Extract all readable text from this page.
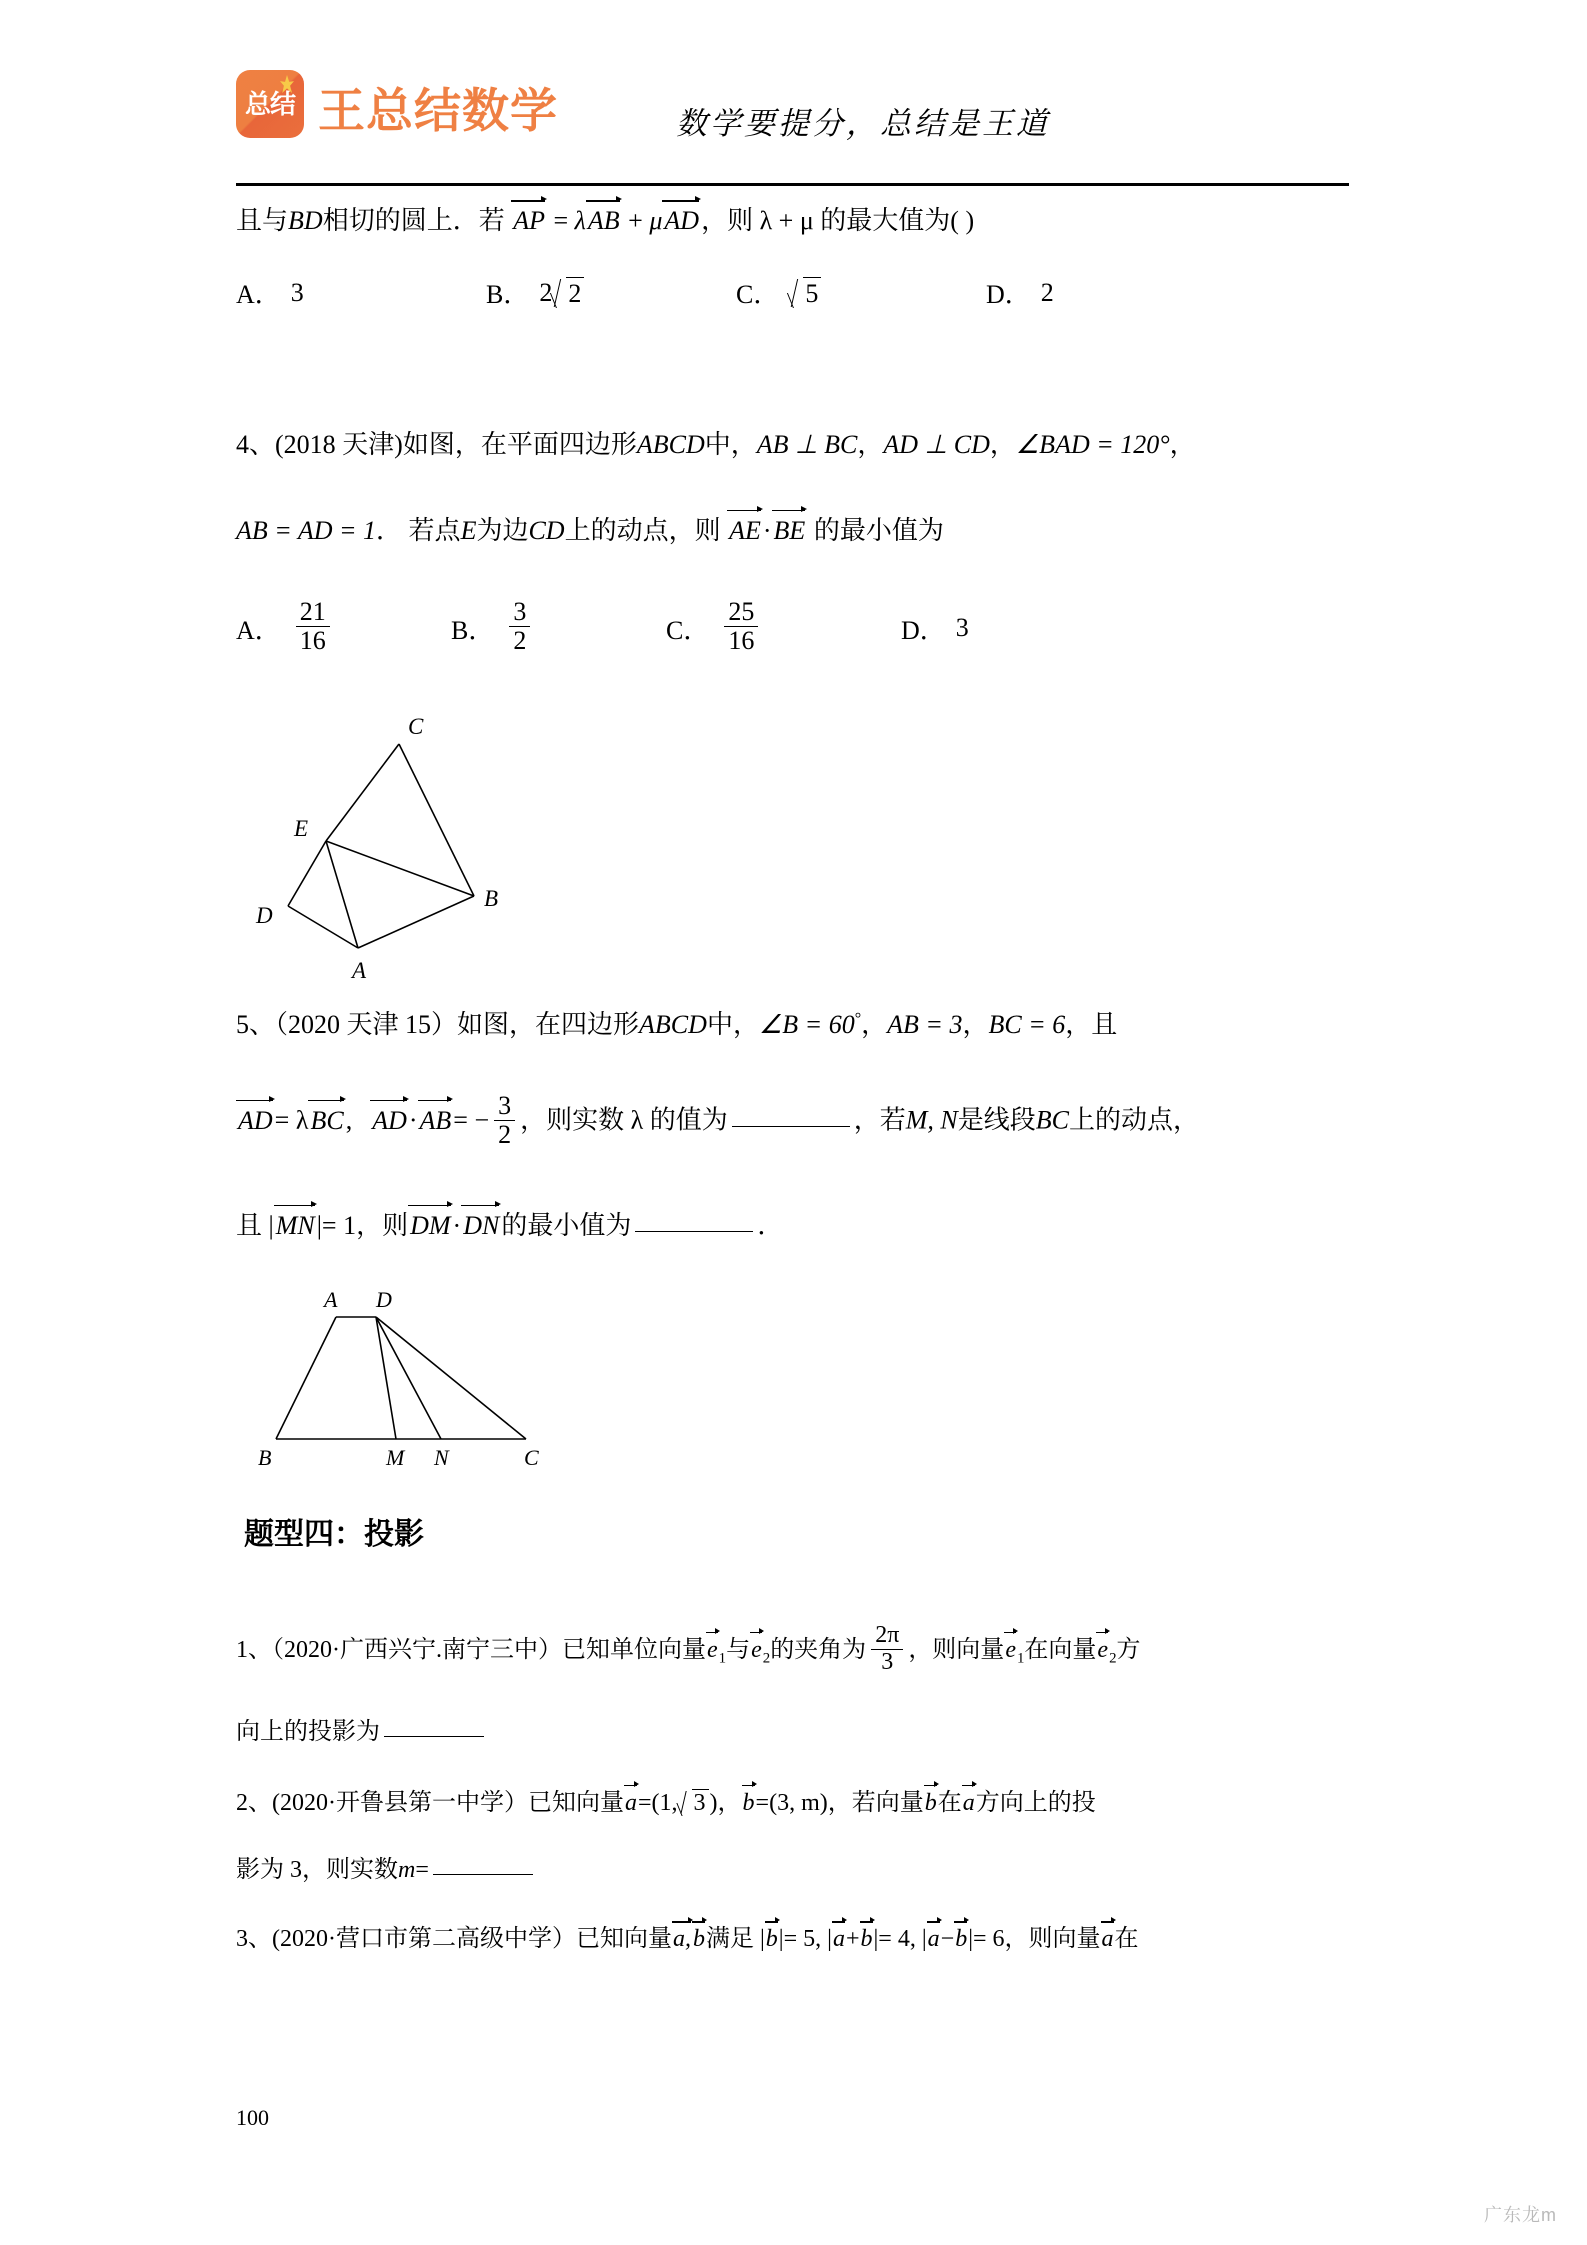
总结 王总结数学	数学要提分，总结是王道
且与BD相切的圆上．若 AP = λAB + μAD，则 λ + μ 的最大值为( )
A． 3	B． 2 2	C．	5	D． 2
4、(2018 天津)如图，在平面四边形ABCD中，AB ⊥ BC，AD ⊥ CD，∠BAD = 120°，
AB = AD = 1． 若点E为边CD上的动点，则 AE·BE 的最小值为
A． $\frac{21}{16}$	B． $\frac{3}{2}$	C． $\frac{25}{16}$	D． 3
C
E
D
B
A
5、（2020 天津 15）如图，在四边形ABCD中，∠B = 60°，AB = 3，BC = 6，且
AD= λBC, $AD\cdot AB= - \frac{3}{2}$ ，则实数 λ 的值为	，若M, N是线段BC上的动点，
且 |MN|= 1，则DM·DN的最小值为	．
A D
B	M N	C
题型四：投影
1、（2020·广西兴宁.南宁三中）已知单位向量$e_1$与$e_2$的夹角为 $\frac{2\pi}{3}$ ，则向量$e_1$在向量$e_2$方
向上的投影为
2、(2020·开鲁县第一中学）已知向量a=(1, 3 )，b=(3, m)，若向量b在a方向上的投
影为 3，则实数m=
3、(2020·营口市第二高级中学）已知向量a,b满足 |b|= 5, |a+b|= 4, |a−b|= 6，则向量a在
100
广东龙m
